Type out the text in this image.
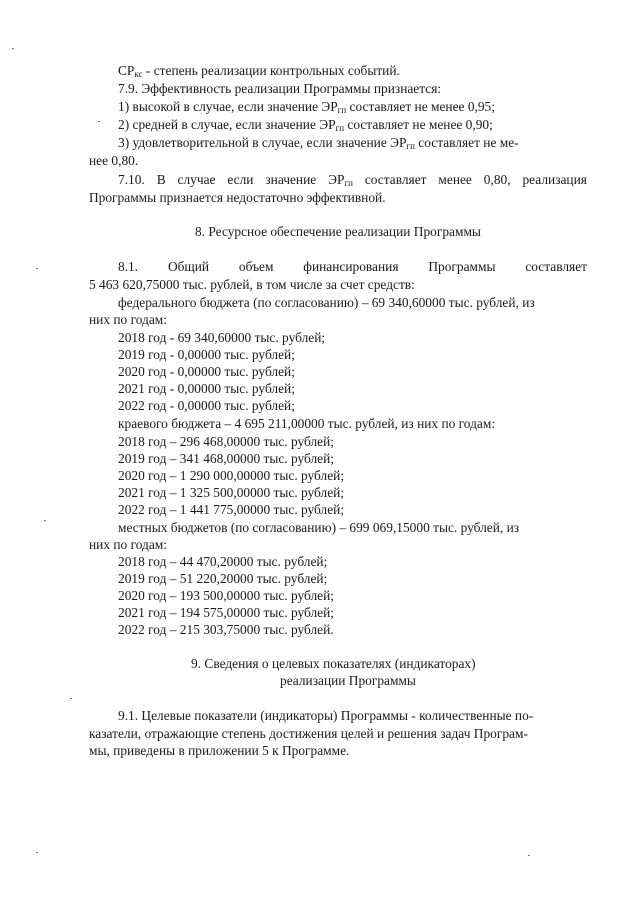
$СР_{кс}$ - степень реализации контрольных событий.
7.9. Эффективность реализации Программы признается:
1) высокой в случае, если значение $ЭР_{гп}$ составляет не менее 0,95;
2) средней в случае, если значение $ЭР_{гп}$ составляет не менее 0,90;
3) удовлетворительной в случае, если значение $ЭР_{гп}$ составляет не ме-
нее 0,80.
7.10. В случае если значение $ЭР_{гп}$ составляет менее 0,80, реализация
Программы признается недостаточно эффективной.
8. Ресурсное обеспечение реализации Программы
8.1. Общий объем финансирования Программы составляет
5 463 620,75000 тыс. рублей, в том числе за счет средств:
федерального бюджета (по согласованию) – 69 340,60000 тыс. рублей, из
них по годам:
2018 год - 69 340,60000 тыс. рублей;
2019 год - 0,00000 тыс. рублей;
2020 год - 0,00000 тыс. рублей;
2021 год - 0,00000 тыс. рублей;
2022 год - 0,00000 тыс. рублей;
краевого бюджета – 4 695 211,00000 тыс. рублей, из них по годам:
2018 год – 296 468,00000 тыс. рублей;
2019 год – 341 468,00000 тыс. рублей;
2020 год – 1 290 000,00000 тыс. рублей;
2021 год – 1 325 500,00000 тыс. рублей;
2022 год – 1 441 775,00000 тыс. рублей;
местных бюджетов (по согласованию) – 699 069,15000 тыс. рублей, из
них по годам:
2018 год – 44 470,20000 тыс. рублей;
2019 год – 51 220,20000 тыс. рублей;
2020 год – 193 500,00000 тыс. рублей;
2021 год – 194 575,00000 тыс. рублей;
2022 год – 215 303,75000 тыс. рублей.
9. Сведения о целевых показателях (индикаторах)
реализации Программы
9.1. Целевые показатели (индикаторы) Программы - количественные по-
казатели, отражающие степень достижения целей и решения задач Програм-
мы, приведены в приложении 5 к Программе.
